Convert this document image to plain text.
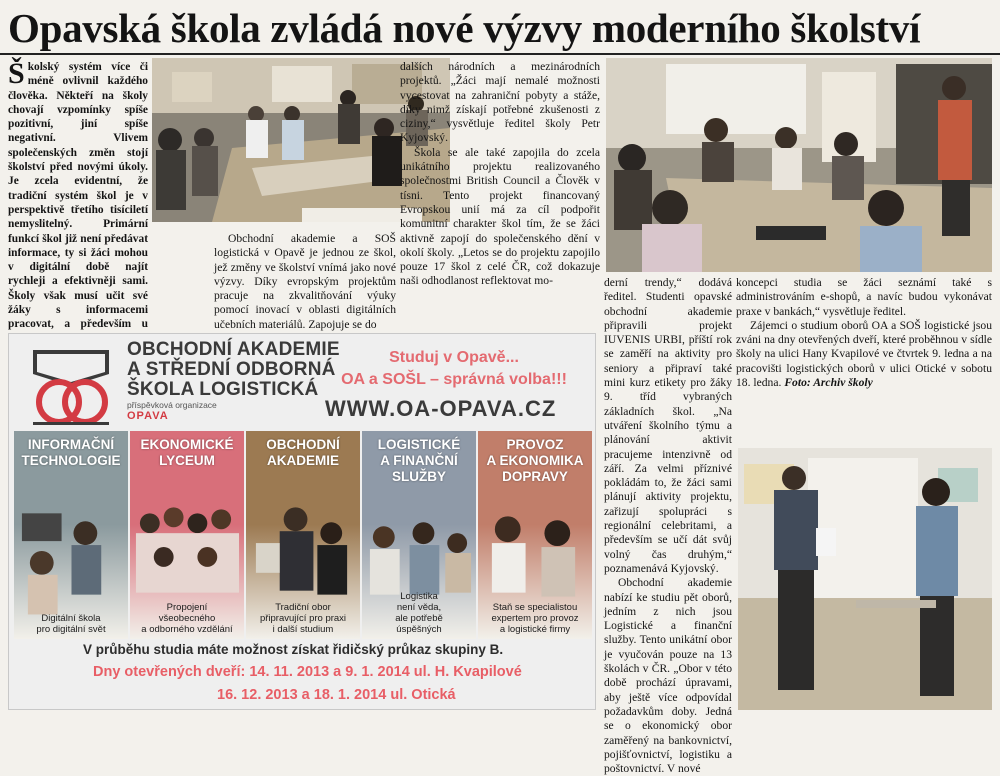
Opavská škola zvládá nové výzvy moderního školství
Školský systém více či méně ovlivnil každého člověka. Někteří na školy chovají vzpomínky spíše pozitivní, jiní spíše negativní. Vlivem společenských změn stojí školství před novými úkoly. Je zcela evidentní, že tradiční systém škol je v perspektivě třetího tisíciletí nemyslitelný. Primární funkcí škol již není předávat informace, ty si žáci mohou v digitální době najít rychleji a efektivněji sami. Školy však musí učit své žáky s informacemi pracovat, a především u

Obchodní akademie a SOŠ logistická v Opavě je jednou ze škol, jež změny ve školství vnímá jako nové výzvy. Díky evropským projektům pracuje na zkvalitňování výuky pomocí inovací v oblasti digitálních učebních materiálů. Zapojuje se do

dalších národních a mezinárodních projektů. „Žáci mají nemalé možnosti vycestovat na zahraniční pobyty a stáže, díky nimž získají potřebné zkušenosti z ciziny,“ vysvětluje ředitel školy Petr Kyjovský.

Škola se ale také zapojila do zcela unikátního projektu realizovaného společnostmi British Council a Člověk v tísni. Tento projekt financovaný Evropskou unií má za cíl podpořit komunitní charakter škol tím, že se žáci aktivně zapojí do společenského dění v okolí školy. „Letos se do projektu zapojilo pouze 17 škol z celé ČR, což dokazuje naši odhodlanost reflektovat mo-	derní trendy,“ dodává ředitel. Studenti opavské obchodní akademie připravili projekt IUVENIS URBI, příští rok se zaměří na aktivity pro seniory a připraví také mini kurz etikety pro žáky 9. tříd vybraných základních škol. „Na utváření školního týmu a plánování aktivit pracujeme intenzivně od září. Za velmi příznivé pokládám to, že žáci sami plánují aktivity projektu, zařizují spolupráci s regionální celebritami, a především se učí dát svůj volný čas druhým,“ poznamenává Kyjovský.

Obchodní akademie nabízí ke studiu pět oborů, jedním z nich jsou Logistické a finanční služby. Tento unikátní obor je vyučován pouze na 13 školách v ČR. „Obor v této době prochází úpravami, aby ještě více odpovídal požadavkům doby. Jedná se o ekonomický obor zaměřený na bankovnictví, pojišťovnictví, logistiku a poštovnictví. V nové

koncepci studia se žáci seznámí také s administrováním e-shopů, a navíc budou vykonávat praxe v bankách,“ vysvětluje ředitel.

Zájemci o studium oborů OA a SOŠ logistické jsou zváni na dny otevřených dveří, které proběhnou v sídle školy na ulici Hany Kvapilové ve čtvrtek 9. ledna a na pracovišti logistických oborů v ulici Otické v sobotu 18. ledna. Foto: Archiv školy

OBCHODNÍ AKADEMIE
A STŘEDNÍ ODBORNÁ
ŠKOLA LOGISTICKÁ
příspěvková organizace
OPAVA
Studuj v Opavě...
OA a SOŠL – správná volba!!!
WWW.OA-OPAVA.CZ
INFORMAČNÍ
TECHNOLOGIE
Digitální škola
pro digitální svět
EKONOMICKÉ
LYCEUM
Propojení
všeobecného
a odborného vzdělání
OBCHODNÍ
AKADEMIE
Tradiční obor
připravující pro praxi
i další studium
LOGISTICKÉ
A FINANČNÍ
SLUŽBY
Logistika
není věda,
ale potřebě
úspěšných
PROVOZ
A EKONOMIKA
DOPRAVY
Staň se specialistou
expertem pro provoz
a logistické firmy
V průběhu studia máte možnost získat řidičský průkaz skupiny B.
Dny otevřených dveří: 14. 11. 2013 a 9. 1. 2014 ul. H. Kvapilové
16. 12. 2013 a 18. 1. 2014 ul. Otická
